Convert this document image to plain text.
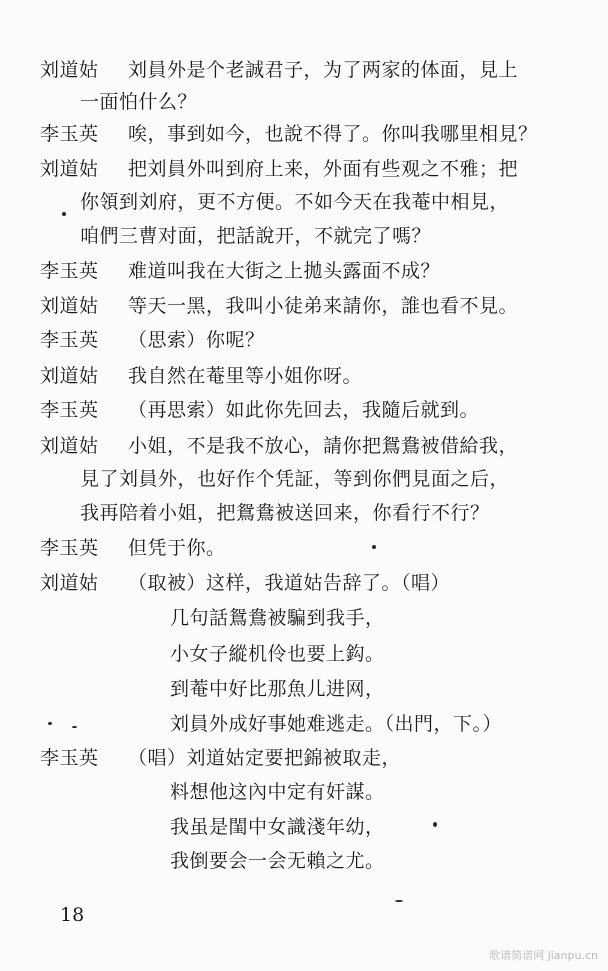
刘道姑 刘員外是个老誠君子，为了两家的体面，見上
一面怕什么？
李玉英 唉，事到如今，也說不得了。你叫我哪里相見？
刘道姑 把刘員外叫到府上来，外面有些观之不雅；把
你領到刘府，更不方便。不如今天在我菴中相見，
咱們三曹对面，把話說开，不就完了嗎？
李玉英 难道叫我在大街之上拋头露面不成？
刘道姑 等天一黑，我叫小徒弟来請你，誰也看不見。
李玉英 （思索）你呢？
刘道姑 我自然在菴里等小姐你呀。
李玉英 （再思索）如此你先回去，我隨后就到。
刘道姑 小姐，不是我不放心，請你把鴛鴦被借給我，
見了刘員外，也好作个凭証，等到你們見面之后，
我再陪着小姐，把鴛鴦被送回来，你看行不行？
李玉英 但凭于你。
刘道姑 （取被）这样，我道姑告辞了。（唱）
几句話鴛鴦被騙到我手，
小女子縱机伶也要上鈎。
到菴中好比那魚儿进网，
刘員外成好事她难逃走。（出門，下。）
李玉英 （唱）刘道姑定要把錦被取走，
料想他这內中定有奸謀。
我虽是閨中女識淺年幼，
我倒要会一会无賴之尤。
18
歌谱简谱网 jianpu.cn
